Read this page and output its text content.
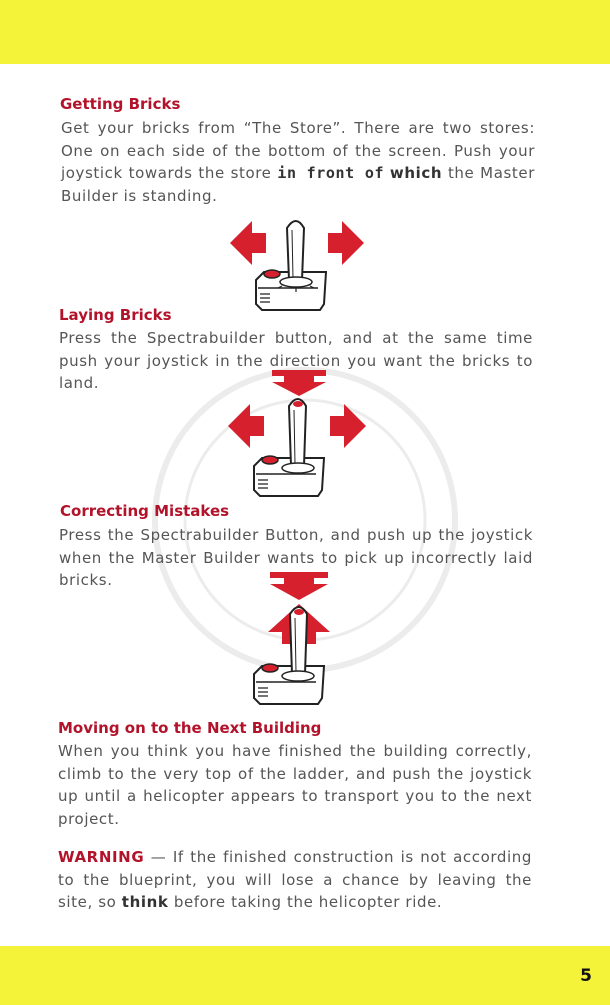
Getting Bricks

Get your bricks from “The Store”. There are two stores: One on each side of the bottom of the screen. Push your joystick towards the store in front of which the Master Builder is standing.

Laying Bricks

Press the Spectrabuilder button, and at the same time push your joystick in the direction you want the bricks to land.

Correcting Mistakes

Press the Spectrabuilder Button, and push up the joystick when the Master Builder wants to pick up incorrectly laid bricks.

Moving on to the Next Building

When you think you have finished the building correctly, climb to the very top of the ladder, and push the joystick up until a helicopter appears to transport you to the next project.

WARNING — If the finished construction is not according to the blueprint, you will lose a chance by leaving the site, so think before taking the helicopter ride.

5
